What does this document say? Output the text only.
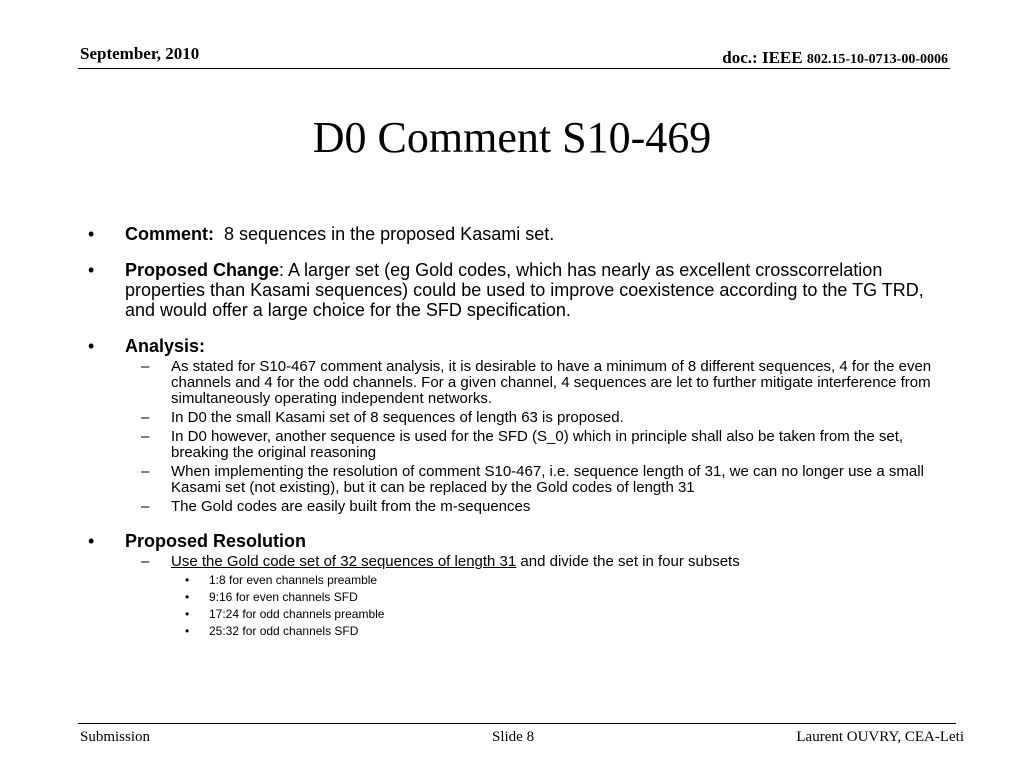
September, 2010	doc.: IEEE 802.15-10-0713-00-0006
D0 Comment S10-469
• Comment: 8 sequences in the proposed Kasami set.
• Proposed Change: A larger set (eg Gold codes, which has nearly as excellent crosscorrelation properties than Kasami sequences) could be used to improve coexistence according to the TG TRD, and would offer a large choice for the SFD specification.
• Analysis:
– As stated for S10-467 comment analysis, it is desirable to have a minimum of 8 different sequences, 4 for the even channels and 4 for the odd channels. For a given channel, 4 sequences are let to further mitigate interference from simultaneously operating independent networks.
– In D0 the small Kasami set of 8 sequences of length 63 is proposed.
– In D0 however, another sequence is used for the SFD (S_0) which in principle shall also be taken from the set, breaking the original reasoning
– When implementing the resolution of comment S10-467, i.e. sequence length of 31, we can no longer use a small Kasami set (not existing), but it can be replaced by the Gold codes of length 31
– The Gold codes are easily built from the m-sequences
• Proposed Resolution
– Use the Gold code set of 32 sequences of length 31 and divide the set in four subsets
• 1:8 for even channels preamble
• 9:16 for even channels SFD
• 17:24 for odd channels preamble
• 25:32 for odd channels SFD
Submission	Slide 8	Laurent OUVRY, CEA-Leti
